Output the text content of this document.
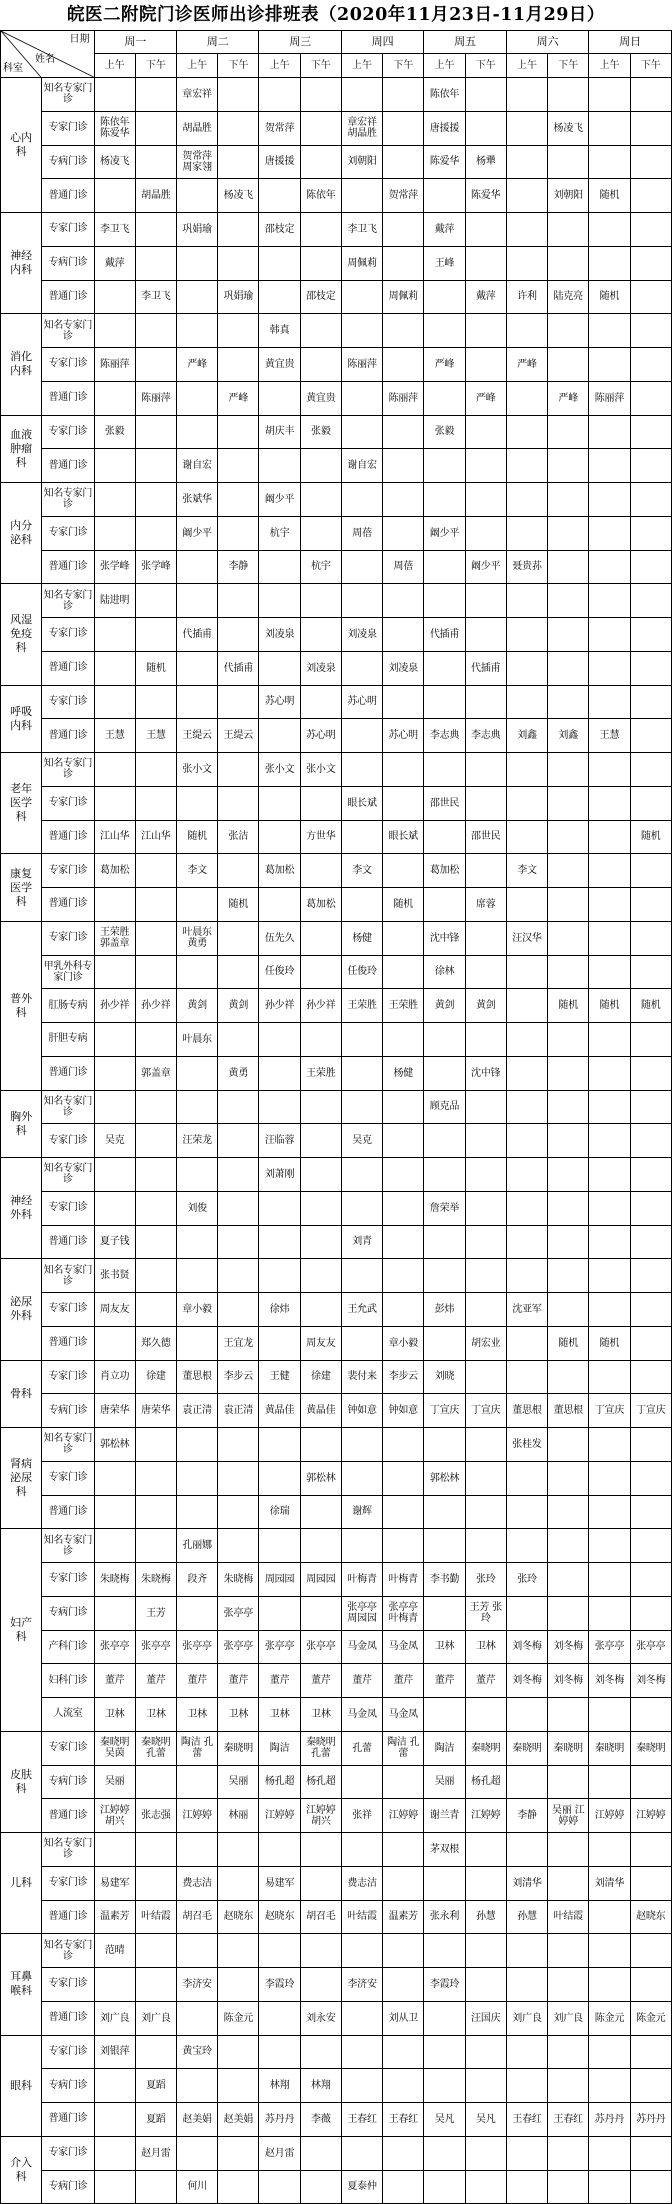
皖医二附院门诊医师出诊排班表（2020年11月23日-11月29日）
日期
姓名
科室		周一		周二		周三		周四		周五		周六		周日	
		上午	下午	上午	下午	上午	下午	上午	下午	上午	下午	上午	下午	上午	下午
心内科	知名专家门诊			章宏祥						陈依年					
	专家门诊	陈依年 陈爱华		胡晶胜		贺常萍		章宏祥 胡晶胜		唐援援			杨凌飞		
	专病门诊	杨凌飞		贺常萍 周家翎		唐援援		刘朝阳		陈爱华	杨犟				
	普通门诊		胡晶胜		杨凌飞		陈依年		贺常萍		陈爱华		刘朝阳	随机	
神经内科	专家门诊	李卫飞		巩娟瑜		邵枝定		李卫飞		戴萍					
	专病门诊	戴萍						周佩莉		王峰					
	普通门诊		李卫飞		巩娟瑜		邵枝定		周佩莉		戴萍	许利	陆克亮	随机	
消化内科	知名专家门诊					韩真									
	专家门诊	陈丽萍		严峰		黄宜贵		陈丽萍		严峰		严峰			
	普通门诊		陈丽萍		严峰		黄宜贵		陈丽萍		严峰		严峰	陈丽萍	
血液肿瘤科	专家门诊	张毅				胡庆丰	张毅			张毅					
	普通门诊			谢自宏				谢自宏							
内分泌科	知名专家门诊			张斌华		阚少平									
	专家门诊			阚少平		杭宇		周蓓		阚少平					
	普通门诊	张学峰	张学峰		李静		杭宇		周蓓		阚少平	聂贵荪			
风湿免疫科	知名专家门诊	陆进明													
	专家门诊			代插甫		刘凌泉		刘凌泉		代插甫					
	普通门诊		随机		代插甫		刘凌泉		刘凌泉		代插甫				
呼吸内科	专家门诊					苏心明		苏心明							
	普通门诊	王慧	王慧	王缇云	王缇云		苏心明		苏心明	李志典	李志典	刘鑫	刘鑫	王慧	
老年医学科	知名专家门诊			张小文		张小文	张小文								
	专家门诊							眼长斌		邵世民					
	普通门诊	江山华	江山华	随机	张洁		方世华		眼长斌		邵世民				随机
康复医学科	专家门诊	葛加松		李文		葛加松		李文		葛加松		李文			
	普通门诊				随机		葛加松		随机		席蓉				
普外科	专家门诊	王荣胜 郭盖章		叶晨东 黄勇		伍先久		杨健		沈中锋		汪汉华			
	甲乳外科专家门诊					任俊玲		任俊玲		徐林					
	肛肠专病	孙少祥	孙少祥	黄剑	黄剑	孙少祥	孙少祥	王荣胜	王荣胜	黄剑	黄剑		随机	随机	随机
	肝胆专病			叶晨东											
	普通门诊		郭盖章		黄勇		王荣胜		杨健		沈中锋				
胸外科	知名专家门诊									顾克品					
	专家门诊	吴克		汪荣龙		汪临蓉		吴克							
神经外科	知名专家门诊					刘萧刚									
	专家门诊			刘俊						詹荣举					
	普通门诊	夏子钱						刘青							
泌尿外科	知名专家门诊	张书贤													
	专家门诊	周友友		章小毅		徐炜		王允武		彭炜		沈亚军			
	普通门诊		郑久德		王宜龙		周友友		章小毅		胡宏业		随机	随机	
骨科	专家门诊	肖立功	徐建	董思根	李步云	王健	徐建	裴付来	李步云	刘晓					
	专病门诊	唐荣华	唐荣华	袁正清	袁正清	黄晶佳	黄晶佳	钟如意	钟如意	丁宣庆	丁宣庆	董思根	董思根	丁宣庆	丁宣庆
肾病泌尿科	知名专家门诊	郭松林										张桂发			
	专家门诊						郭松林			郭松林					
	普通门诊					徐瑞		谢辉							
妇产科	知名专家门诊			孔丽娜											
	专家门诊	朱晓梅	朱晓梅	段齐	朱晓梅	周园园	周园园	叶梅青	叶梅青	李书勤	张玲	张玲			
	专病门诊		王芳		张亭亭			张亭亭 周园园	张亭亭 叶梅青		王芳 张玲				
	产科门诊	张亭亭	张亭亭	张亭亭	张亭亭	张亭亭	张亭亭	马金凤	马金凤	卫林	卫林	刘冬梅	刘冬梅	张亭亭	张亭亭
	妇科门诊	董芹	董芹	董芹	董芹	董芹	董芹	董芹	董芹	董芹	董芹	刘冬梅	刘冬梅	刘冬梅	刘冬梅
	人流室	卫林	卫林	卫林	卫林	卫林	卫林	马金凤	马金凤						
皮肤科	专家门诊	秦晓明 吴茵	秦晓明 孔蕾	陶洁 孔蕾	秦晓明	陶洁	秦晓明 孔蕾	孔蕾	陶洁 孔蕾	陶洁	秦晓明	秦晓明	秦晓明	秦晓明	秦晓明
	专病门诊	吴丽			吴丽	杨孔超	杨孔超			吴丽	杨孔超				
	普通门诊	江婷婷 胡兴	张志强	江婷婷	林丽	江婷婷	江婷婷 胡兴	张祥	江婷婷	谢兰青	江婷婷	李静	吴丽 江婷婷	江婷婷	江婷婷
儿科	知名专家门诊									茅双根					
	专家门诊	易建军		费志洁		易建军		费志洁				刘清华		刘清华	
	普通门诊	温素芳	叶结霞	胡召毛	赵晓东	赵晓东	胡召毛	叶结霞	温素芳	张永利	孙慧	孙慧	叶结霞		赵晓东
耳鼻喉科	知名专家门诊	范晴													
	专家门诊			李济安		李霞玲		李济安		李霞玲					
	普通门诊	刘广良	刘广良		陈金元		刘永安		刘从卫		汪国庆	刘广良	刘广良	陈金元	陈金元
眼科	专家门诊	刘银萍		黄宝玲											
	专病门诊		夏蹈			林翔	林翔								
	普通门诊		夏蹈	赵美娟	赵美娟	苏丹丹	李薇	王春红	王春红	吴凡	吴凡	王春红	王春红	苏丹丹	苏丹丹
介入科	专家门诊		赵月雷			赵月雷									
	专病门诊			何川				夏泰仲							
